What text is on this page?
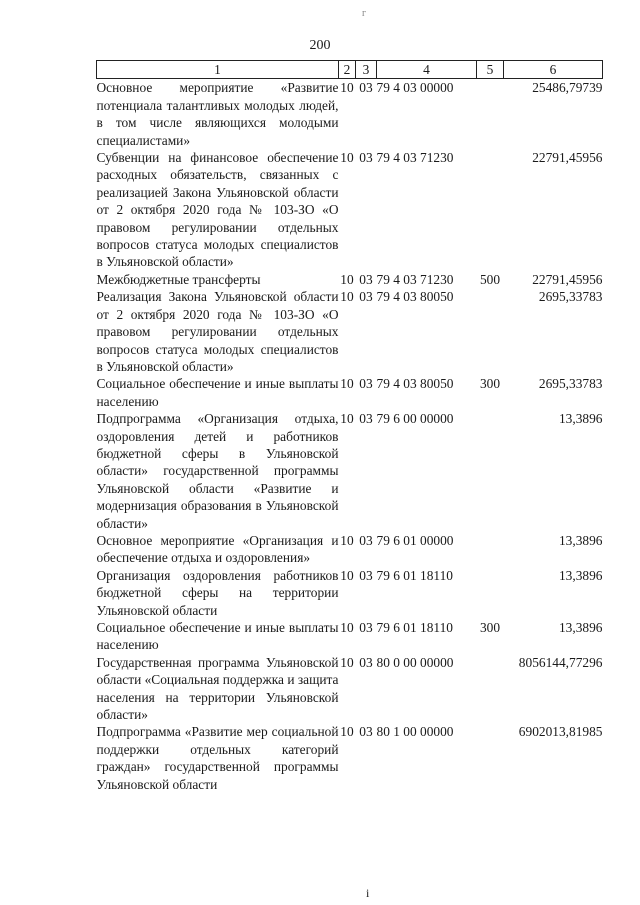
г
200
1	2	3	4	5	6
Основное мероприятие «Развитие потенциала талантливых молодых людей, в том числе являющихся молодыми специалистами»	10	03	79 4 03 00000		25486,79739
Субвенции на финансовое обеспечение расходных обязательств, связанных с реализацией Закона Ульяновской области от 2 октября 2020 года № 103-ЗО «О правовом регулировании отдельных вопросов статуса молодых специалистов в Ульяновской области»	10	03	79 4 03 71230		22791,45956
Межбюджетные трансферты	10	03	79 4 03 71230	500	22791,45956
Реализация Закона Ульяновской области от 2 октября 2020 года № 103-ЗО «О правовом регулировании отдельных вопросов статуса молодых специалистов в Ульяновской области»	10	03	79 4 03 80050		2695,33783
Социальное обеспечение и иные выплаты населению	10	03	79 4 03 80050	300	2695,33783
Подпрограмма «Организация отдыха, оздоровления детей и работников бюджетной сферы в Ульяновской области» государственной программы Ульяновской области «Развитие и модернизация образования в Ульяновской области»	10	03	79 6 00 00000		13,3896
Основное мероприятие «Организация и обеспечение отдыха и оздоровления»	10	03	79 6 01 00000		13,3896
Организация оздоровления работников бюджетной сферы на территории Ульяновской области	10	03	79 6 01 18110		13,3896
Социальное обеспечение и иные выплаты населению	10	03	79 6 01 18110	300	13,3896
Государственная программа Ульяновской области «Социальная поддержка и защита населения на территории Ульяновской области»	10	03	80 0 00 00000		8056144,77296
Подпрограмма «Развитие мер социальной поддержки отдельных категорий граждан» государственной программы Ульяновской области	10	03	80 1 00 00000		6902013,81985
і
